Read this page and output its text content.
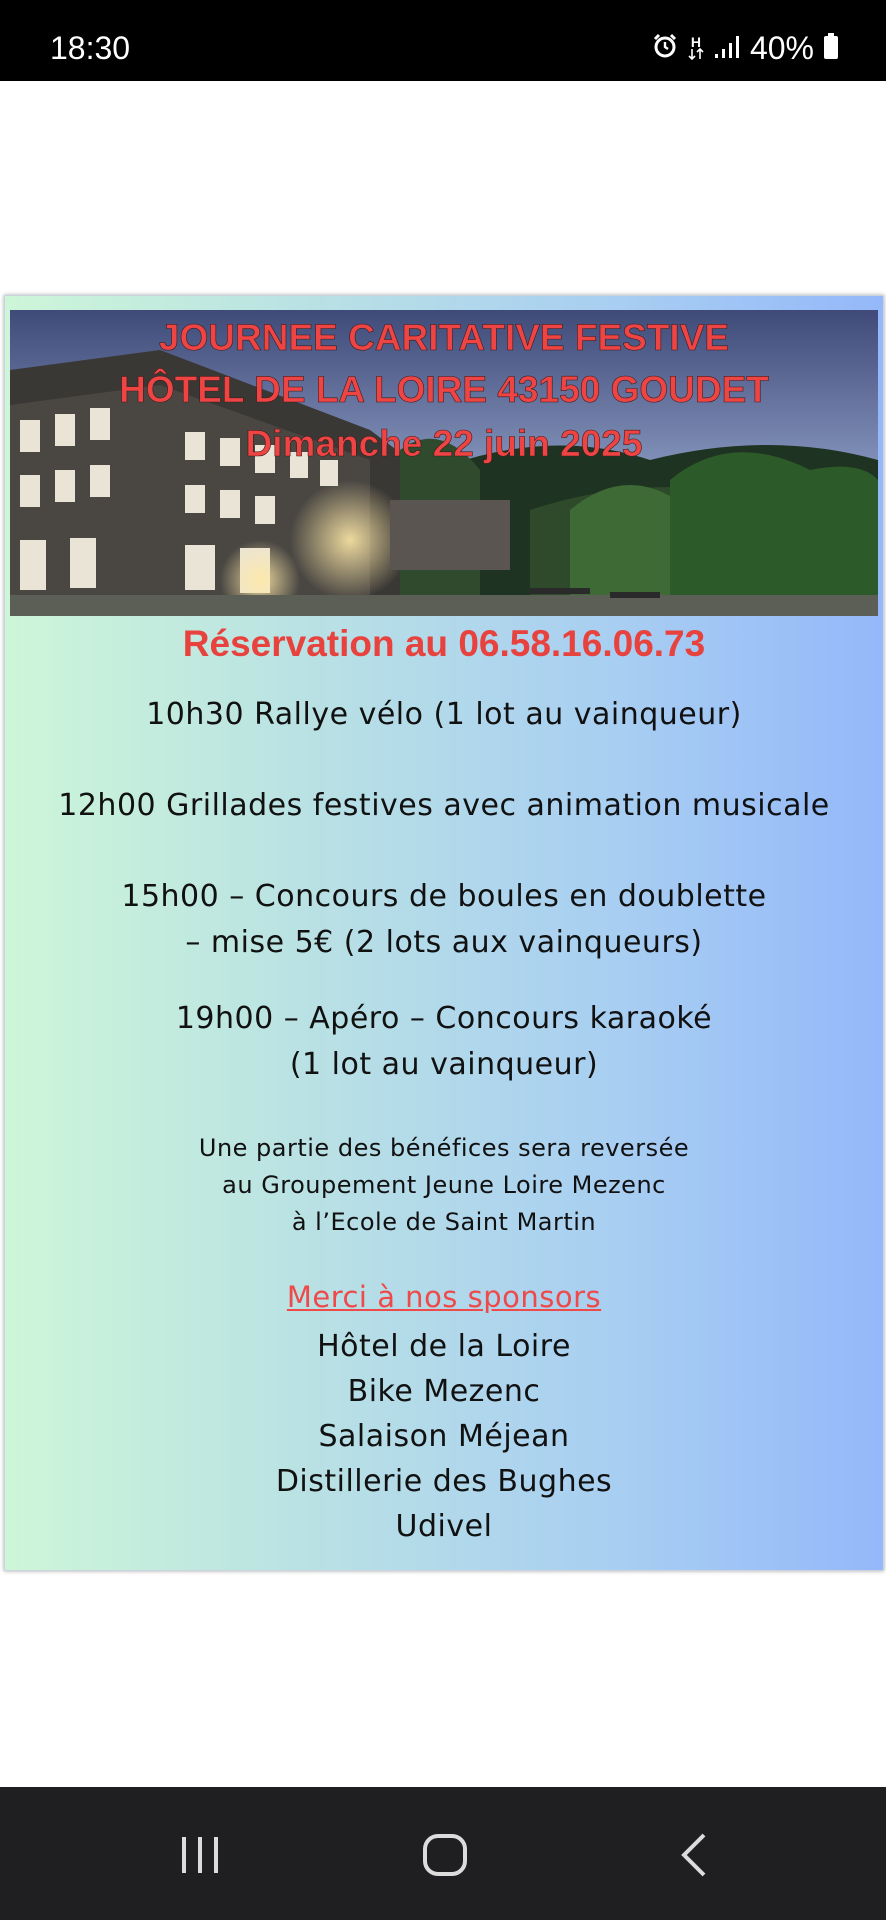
18:30	H 40%
JOURNEE CARITATIVE FESTIVE
HÔTEL DE LA LOIRE 43150 GOUDET
Dimanche 22 juin 2025
Réservation au 06.58.16.06.73
10h30 Rallye vélo (1 lot au vainqueur)
12h00 Grillades festives avec animation musicale
15h00 – Concours de boules en doublette
– mise 5€ (2 lots aux vainqueurs)
19h00 – Apéro – Concours karaoké
(1 lot au vainqueur)
Une partie des bénéfices sera reversée
au Groupement Jeune Loire Mezenc
à l’Ecole de Saint Martin
Merci à nos sponsors
Hôtel de la Loire
Bike Mezenc
Salaison Méjean
Distillerie des Bughes
Udivel
